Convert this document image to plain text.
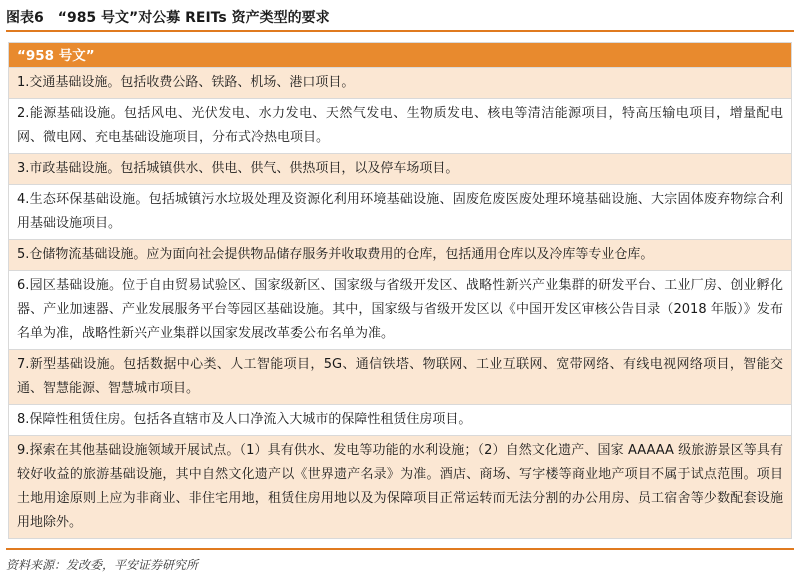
图表6 “985 号文”对公募 REITs 资产类型的要求
“958 号文”
1.交通基础设施。包括收费公路、铁路、机场、港口项目。
2.能源基础设施。包括风电、光伏发电、水力发电、天然气发电、生物质发电、核电等清洁能源项目，特高压输电项目，增量配电网、微电网、充电基础设施项目，分布式冷热电项目。
3.市政基础设施。包括城镇供水、供电、供气、供热项目，以及停车场项目。
4.生态环保基础设施。包括城镇污水垃圾处理及资源化利用环境基础设施、固废危废医废处理环境基础设施、大宗固体废弃物综合利用基础设施项目。
5.仓储物流基础设施。应为面向社会提供物品储存服务并收取费用的仓库，包括通用仓库以及冷库等专业仓库。
6.园区基础设施。位于自由贸易试验区、国家级新区、国家级与省级开发区、战略性新兴产业集群的研发平台、工业厂房、创业孵化器、产业加速器、产业发展服务平台等园区基础设施。其中，国家级与省级开发区以《中国开发区审核公告目录（2018 年版）》发布名单为准，战略性新兴产业集群以国家发展改革委公布名单为准。
7.新型基础设施。包括数据中心类、人工智能项目，5G、通信铁塔、物联网、工业互联网、宽带网络、有线电视网络项目，智能交通、智慧能源、智慧城市项目。
8.保障性租赁住房。包括各直辖市及人口净流入大城市的保障性租赁住房项目。
9.探索在其他基础设施领域开展试点。（1）具有供水、发电等功能的水利设施；（2）自然文化遗产、国家 AAAAA 级旅游景区等具有较好收益的旅游基础设施，其中自然文化遗产以《世界遗产名录》为准。酒店、商场、写字楼等商业地产项目不属于试点范围。项目土地用途原则上应为非商业、非住宅用地，租赁住房用地以及为保障项目正常运转而无法分割的办公用房、员工宿舍等少数配套设施用地除外。
资料来源：发改委，平安证券研究所
